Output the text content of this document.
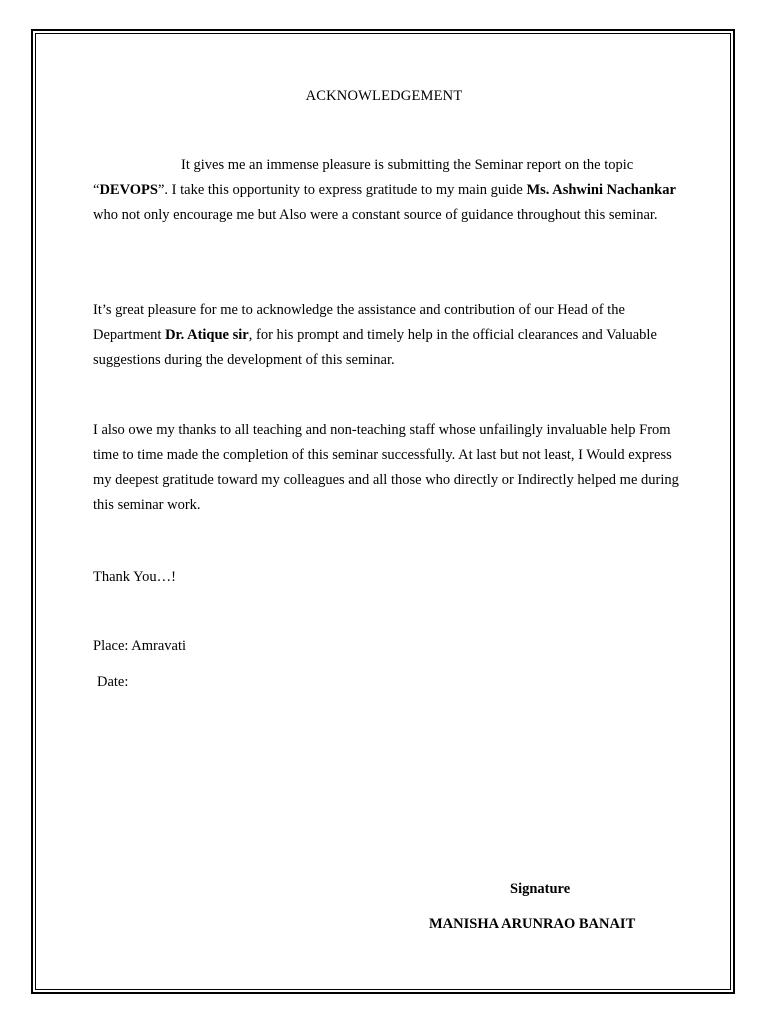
ACKNOWLEDGEMENT

It gives me an immense pleasure is submitting the Seminar report on the topic “DEVOPS”. I take this opportunity to express gratitude to my main guide Ms. Ashwini Nachankar who not only encourage me but Also were a constant source of guidance throughout this seminar.

It’s great pleasure for me to acknowledge the assistance and contribution of our Head of the Department Dr. Atique sir, for his prompt and timely help in the official clearances and Valuable suggestions during the development of this seminar.

I also owe my thanks to all teaching and non-teaching staff whose unfailingly invaluable help From time to time made the completion of this seminar successfully. At last but not least, I Would express my deepest gratitude toward my colleagues and all those who directly or Indirectly helped me during this seminar work.

Thank You…!
Place: Amravati
Date:
Signature
MANISHA ARUNRAO BANAIT
